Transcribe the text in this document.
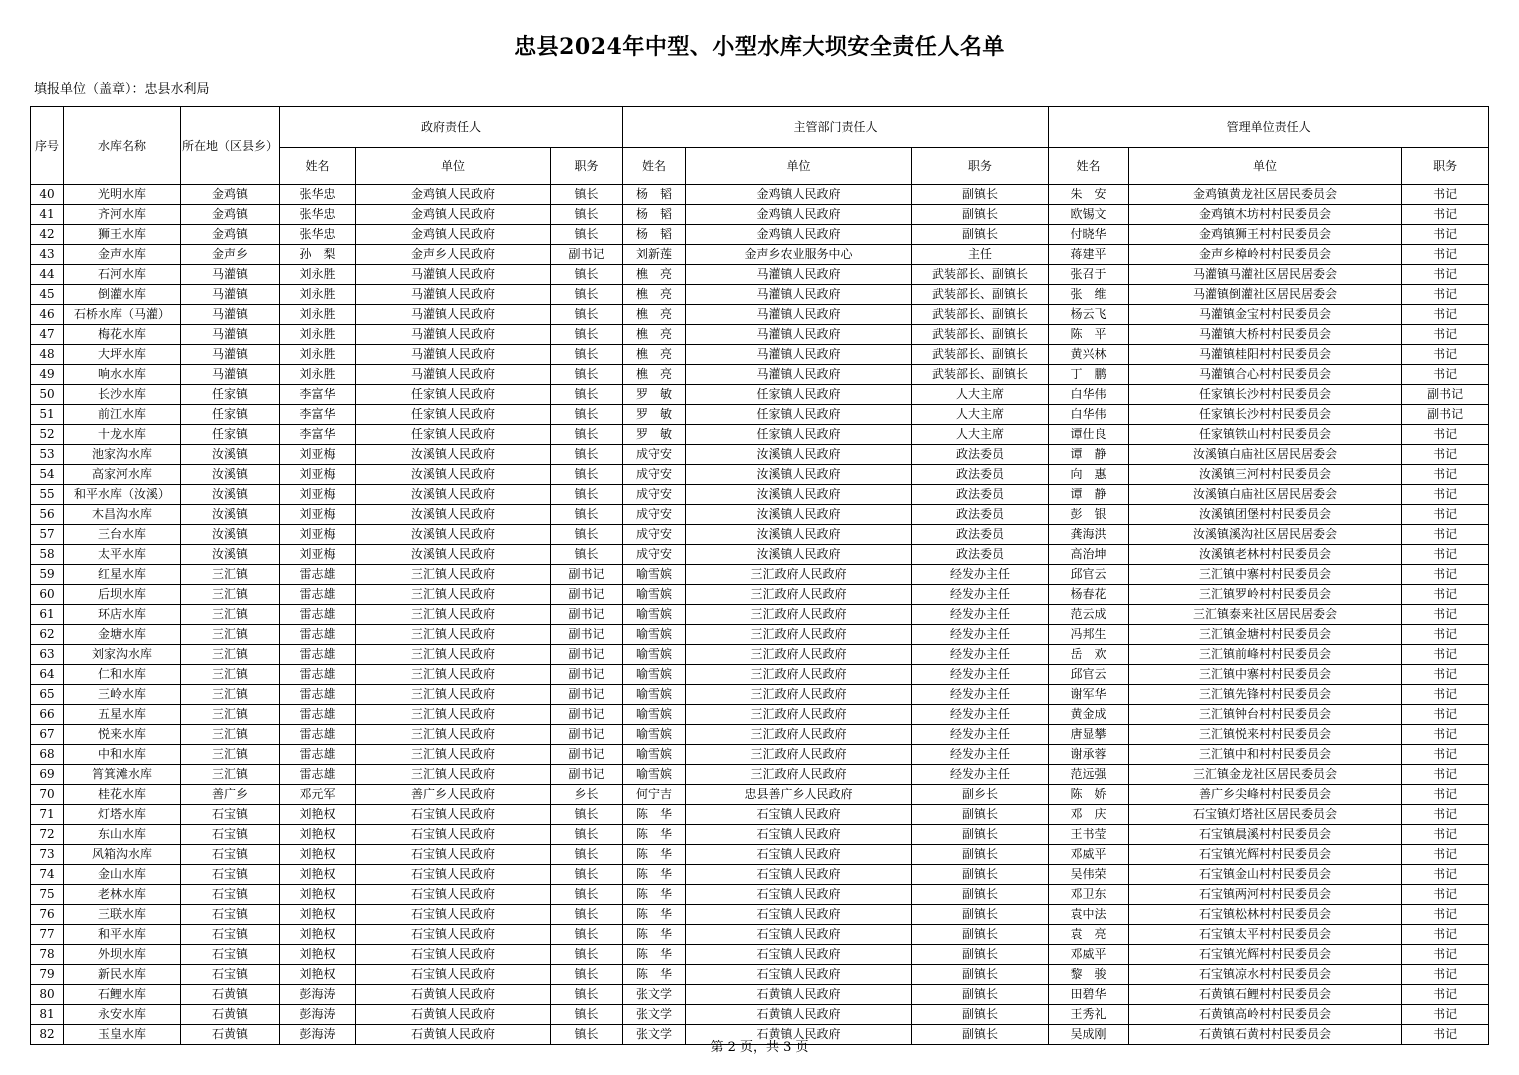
忠县2024年中型、小型水库大坝安全责任人名单
填报单位（盖章）：忠县水利局
序号	水库名称	所在地（区县乡）	政府责任人			主管部门责任人			管理单位责任人		
			姓名	单位	职务	姓名	单位	职务	姓名	单位	职务
40	光明水库	金鸡镇	张华忠	金鸡镇人民政府	镇长	杨　韬	金鸡镇人民政府	副镇长	朱　安	金鸡镇黄龙社区居民委员会	书记
41	齐河水库	金鸡镇	张华忠	金鸡镇人民政府	镇长	杨　韬	金鸡镇人民政府	副镇长	欧锡文	金鸡镇木坊村村民委员会	书记
42	狮王水库	金鸡镇	张华忠	金鸡镇人民政府	镇长	杨　韬	金鸡镇人民政府	副镇长	付晓华	金鸡镇狮王村村民委员会	书记
43	金声水库	金声乡	孙　梨	金声乡人民政府	副书记	刘新莲	金声乡农业服务中心	主任	蒋建平	金声乡樟岭村村民委员会	书记
44	石河水库	马灌镇	刘永胜	马灌镇人民政府	镇长	樵　亮	马灌镇人民政府	武装部长、副镇长	张召于	马灌镇马灌社区居民居委会	书记
45	倒灌水库	马灌镇	刘永胜	马灌镇人民政府	镇长	樵　亮	马灌镇人民政府	武装部长、副镇长	张　维	马灌镇倒灌社区居民居委会	书记
46	石桥水库（马灌）	马灌镇	刘永胜	马灌镇人民政府	镇长	樵　亮	马灌镇人民政府	武装部长、副镇长	杨云飞	马灌镇金宝村村民委员会	书记
47	梅花水库	马灌镇	刘永胜	马灌镇人民政府	镇长	樵　亮	马灌镇人民政府	武装部长、副镇长	陈　平	马灌镇大桥村村民委员会	书记
48	大坪水库	马灌镇	刘永胜	马灌镇人民政府	镇长	樵　亮	马灌镇人民政府	武装部长、副镇长	黄兴林	马灌镇桂阳村村民委员会	书记
49	响水水库	马灌镇	刘永胜	马灌镇人民政府	镇长	樵　亮	马灌镇人民政府	武装部长、副镇长	丁　鹏	马灌镇合心村村民委员会	书记
50	长沙水库	任家镇	李富华	任家镇人民政府	镇长	罗　敏	任家镇人民政府	人大主席	白华伟	任家镇长沙村村民委员会	副书记
51	前江水库	任家镇	李富华	任家镇人民政府	镇长	罗　敏	任家镇人民政府	人大主席	白华伟	任家镇长沙村村民委员会	副书记
52	十龙水库	任家镇	李富华	任家镇人民政府	镇长	罗　敏	任家镇人民政府	人大主席	谭仕良	任家镇铁山村村民委员会	书记
53	池家沟水库	汝溪镇	刘亚梅	汝溪镇人民政府	镇长	成守安	汝溪镇人民政府	政法委员	谭　静	汝溪镇白庙社区居民居委会	书记
54	高家河水库	汝溪镇	刘亚梅	汝溪镇人民政府	镇长	成守安	汝溪镇人民政府	政法委员	向　惠	汝溪镇三河村村民委员会	书记
55	和平水库（汝溪）	汝溪镇	刘亚梅	汝溪镇人民政府	镇长	成守安	汝溪镇人民政府	政法委员	谭　静	汝溪镇白庙社区居民居委会	书记
56	木昌沟水库	汝溪镇	刘亚梅	汝溪镇人民政府	镇长	成守安	汝溪镇人民政府	政法委员	彭　银	汝溪镇团堡村村民委员会	书记
57	三台水库	汝溪镇	刘亚梅	汝溪镇人民政府	镇长	成守安	汝溪镇人民政府	政法委员	龚海洪	汝溪镇溪沟社区居民居委会	书记
58	太平水库	汝溪镇	刘亚梅	汝溪镇人民政府	镇长	成守安	汝溪镇人民政府	政法委员	高治坤	汝溪镇老林村村民委员会	书记
59	红星水库	三汇镇	雷志雄	三汇镇人民政府	副书记	喻雪嫔	三汇政府人民政府	经发办主任	邱官云	三汇镇中寨村村民委员会	书记
60	后坝水库	三汇镇	雷志雄	三汇镇人民政府	副书记	喻雪嫔	三汇政府人民政府	经发办主任	杨春花	三汇镇罗岭村村民委员会	书记
61	环店水库	三汇镇	雷志雄	三汇镇人民政府	副书记	喻雪嫔	三汇政府人民政府	经发办主任	范云成	三汇镇泰来社区居民居委会	书记
62	金塘水库	三汇镇	雷志雄	三汇镇人民政府	副书记	喻雪嫔	三汇政府人民政府	经发办主任	冯邦生	三汇镇金塘村村民委员会	书记
63	刘家沟水库	三汇镇	雷志雄	三汇镇人民政府	副书记	喻雪嫔	三汇政府人民政府	经发办主任	岳　欢	三汇镇前峰村村民委员会	书记
64	仁和水库	三汇镇	雷志雄	三汇镇人民政府	副书记	喻雪嫔	三汇政府人民政府	经发办主任	邱官云	三汇镇中寨村村民委员会	书记
65	三岭水库	三汇镇	雷志雄	三汇镇人民政府	副书记	喻雪嫔	三汇政府人民政府	经发办主任	谢军华	三汇镇先锋村村民委员会	书记
66	五星水库	三汇镇	雷志雄	三汇镇人民政府	副书记	喻雪嫔	三汇政府人民政府	经发办主任	黄金成	三汇镇钟台村村民委员会	书记
67	悦来水库	三汇镇	雷志雄	三汇镇人民政府	副书记	喻雪嫔	三汇政府人民政府	经发办主任	唐显攀	三汇镇悦来村村民委员会	书记
68	中和水库	三汇镇	雷志雄	三汇镇人民政府	副书记	喻雪嫔	三汇政府人民政府	经发办主任	谢承蓉	三汇镇中和村村民委员会	书记
69	筲箕滩水库	三汇镇	雷志雄	三汇镇人民政府	副书记	喻雪嫔	三汇政府人民政府	经发办主任	范远强	三汇镇金龙社区居民委员会	书记
70	桂花水库	善广乡	邓元军	善广乡人民政府	乡长	何宁吉	忠县善广乡人民政府	副乡长	陈　娇	善广乡尖峰村村民委员会	书记
71	灯塔水库	石宝镇	刘艳权	石宝镇人民政府	镇长	陈　华	石宝镇人民政府	副镇长	邓　庆	石宝镇灯塔社区居民委员会	书记
72	东山水库	石宝镇	刘艳权	石宝镇人民政府	镇长	陈　华	石宝镇人民政府	副镇长	王书莹	石宝镇晨溪村村民委员会	书记
73	风箱沟水库	石宝镇	刘艳权	石宝镇人民政府	镇长	陈　华	石宝镇人民政府	副镇长	邓威平	石宝镇光辉村村民委员会	书记
74	金山水库	石宝镇	刘艳权	石宝镇人民政府	镇长	陈　华	石宝镇人民政府	副镇长	吴伟荣	石宝镇金山村村民委员会	书记
75	老林水库	石宝镇	刘艳权	石宝镇人民政府	镇长	陈　华	石宝镇人民政府	副镇长	邓卫东	石宝镇两河村村民委员会	书记
76	三联水库	石宝镇	刘艳权	石宝镇人民政府	镇长	陈　华	石宝镇人民政府	副镇长	袁中法	石宝镇松林村村民委员会	书记
77	和平水库	石宝镇	刘艳权	石宝镇人民政府	镇长	陈　华	石宝镇人民政府	副镇长	袁　亮	石宝镇太平村村民委员会	书记
78	外坝水库	石宝镇	刘艳权	石宝镇人民政府	镇长	陈　华	石宝镇人民政府	副镇长	邓威平	石宝镇光辉村村民委员会	书记
79	新民水库	石宝镇	刘艳权	石宝镇人民政府	镇长	陈　华	石宝镇人民政府	副镇长	黎　骏	石宝镇凉水村村民委员会	书记
80	石鲤水库	石黄镇	彭海涛	石黄镇人民政府	镇长	张文学	石黄镇人民政府	副镇长	田碧华	石黄镇石鲤村村民委员会	书记
81	永安水库	石黄镇	彭海涛	石黄镇人民政府	镇长	张文学	石黄镇人民政府	副镇长	王秀礼	石黄镇高岭村村民委员会	书记
82	玉皇水库	石黄镇	彭海涛	石黄镇人民政府	镇长	张文学	石黄镇人民政府	副镇长	吴成刚	石黄镇石黄村村民委员会	书记
第 2 页，共 3 页
